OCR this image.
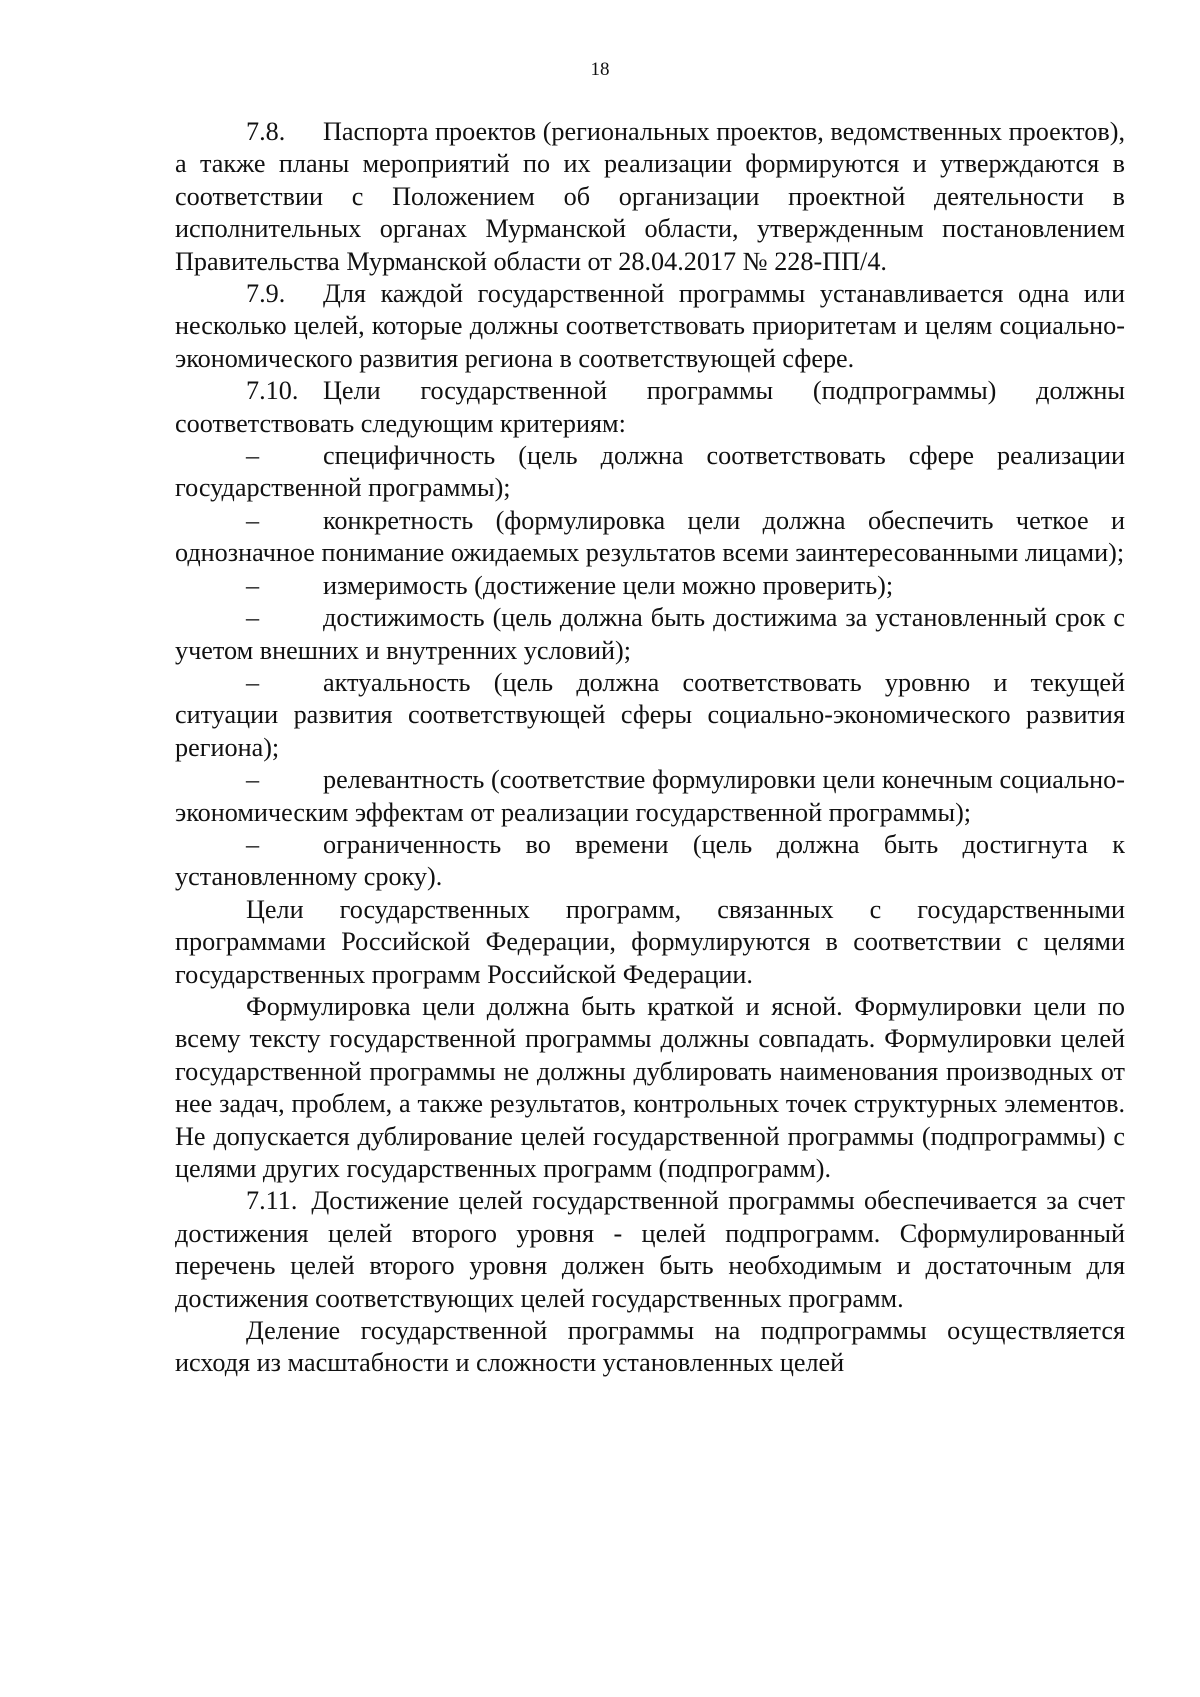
18

7.8. Паспорта проектов (региональных проектов, ведомственных проектов), а также планы мероприятий по их реализации формируются и утверждаются в соответствии с Положением об организации проектной деятельности в исполнительных органах Мурманской области, утвержденным постановлением Правительства Мурманской области от 28.04.2017 № 228-ПП/4.

7.9. Для каждой государственной программы устанавливается одна или несколько целей, которые должны соответствовать приоритетам и целям социально-экономического развития региона в соответствующей сфере.

7.10. Цели государственной программы (подпрограммы) должны соответствовать следующим критериям:

– специфичность (цель должна соответствовать сфере реализации государственной программы);

– конкретность (формулировка цели должна обеспечить четкое и однозначное понимание ожидаемых результатов всеми заинтересованными лицами);

– измеримость (достижение цели можно проверить);

– достижимость (цель должна быть достижима за установленный срок с учетом внешних и внутренних условий);

– актуальность (цель должна соответствовать уровню и текущей ситуации развития соответствующей сферы социально-экономического развития региона);

– релевантность (соответствие формулировки цели конечным социально-экономическим эффектам от реализации государственной программы);

– ограниченность во времени (цель должна быть достигнута к установленному сроку).

Цели государственных программ, связанных с государственными программами Российской Федерации, формулируются в соответствии с целями государственных программ Российской Федерации.

Формулировка цели должна быть краткой и ясной. Формулировки цели по всему тексту государственной программы должны совпадать. Формулировки целей государственной программы не должны дублировать наименования производных от нее задач, проблем, а также результатов, контрольных точек структурных элементов. Не допускается дублирование целей государственной программы (подпрограммы) с целями других государственных программ (подпрограмм).

7.11. Достижение целей государственной программы обеспечивается за счет достижения целей второго уровня - целей подпрограмм. Сформулированный перечень целей второго уровня должен быть необходимым и достаточным для достижения соответствующих целей государственных программ.

Деление государственной программы на подпрограммы осуществляется исходя из масштабности и сложности установленных целей
